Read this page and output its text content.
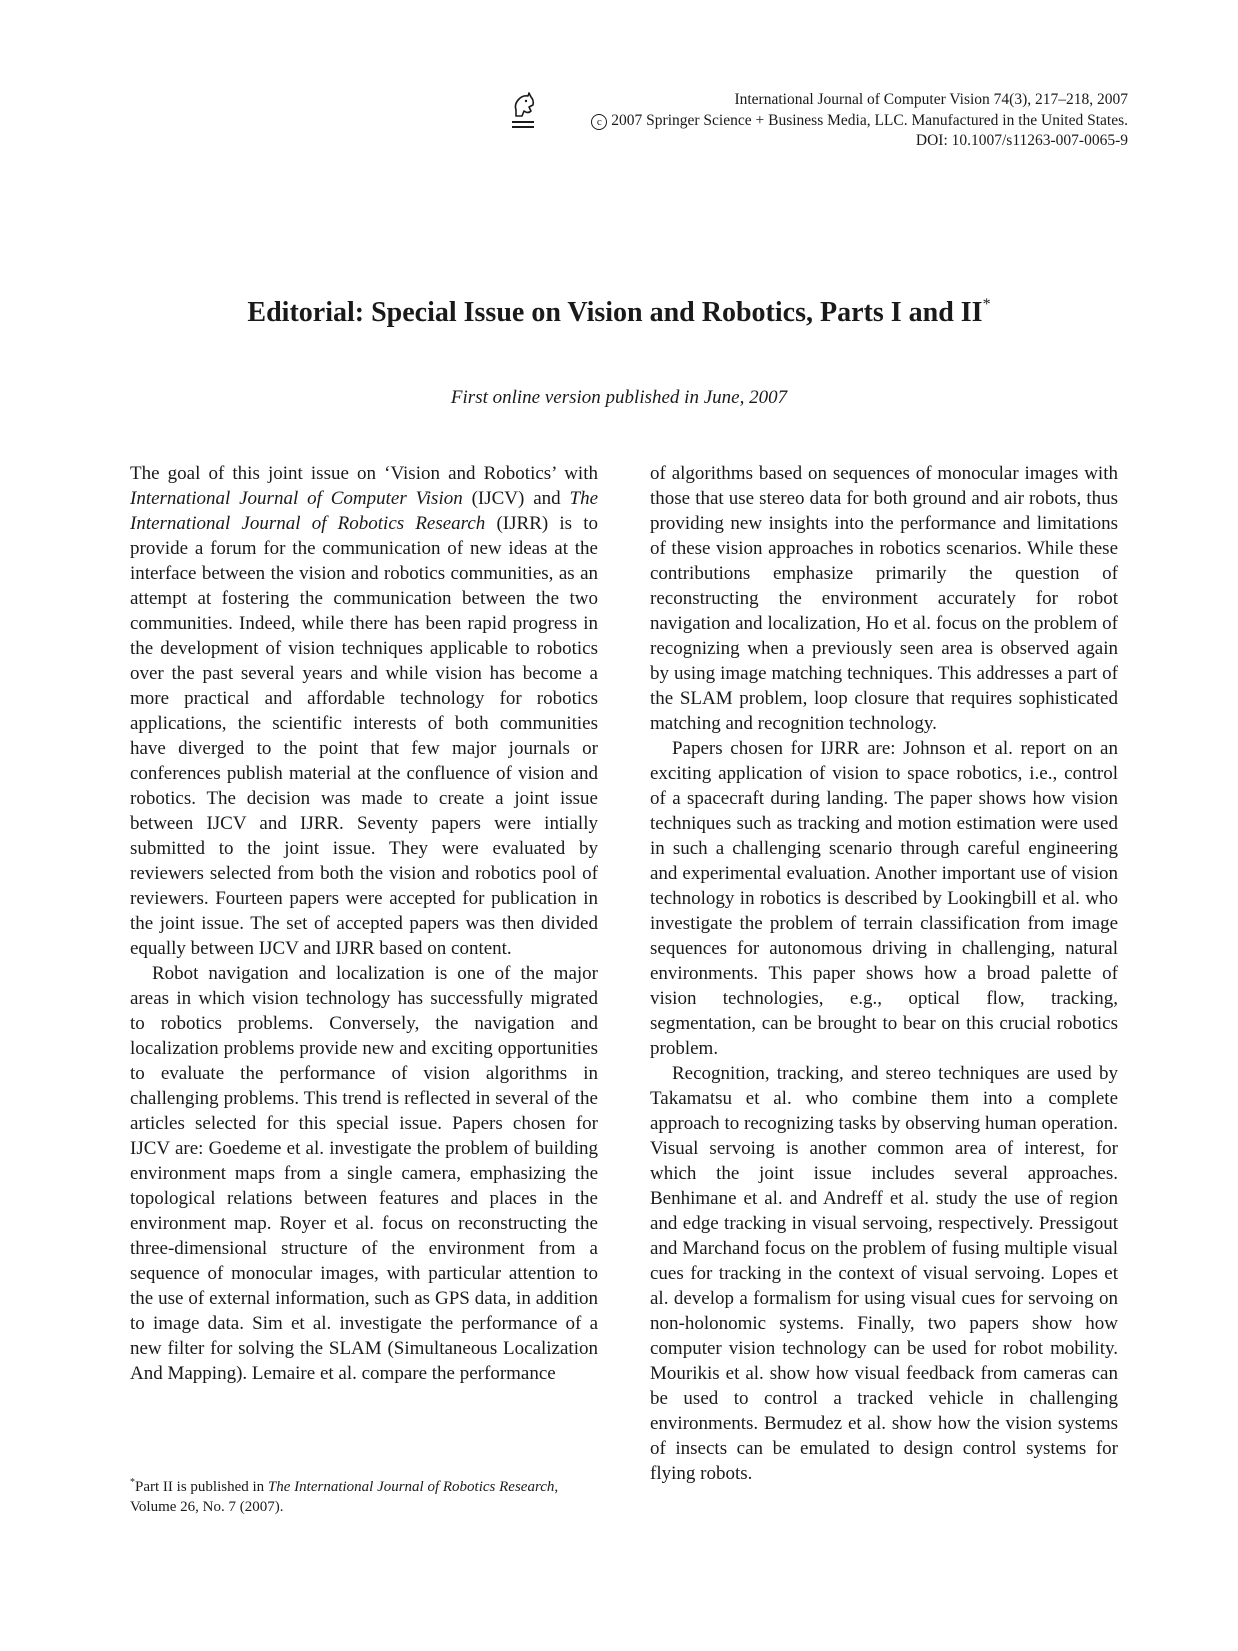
International Journal of Computer Vision 74(3), 217–218, 2007
c 2007 Springer Science + Business Media, LLC. Manufactured in the United States.
DOI: 10.1007/s11263-007-0065-9
Editorial: Special Issue on Vision and Robotics, Parts I and II*
First online version published in June, 2007

The goal of this joint issue on ‘Vision and Robotics’ with International Journal of Computer Vision (IJCV) and The International Journal of Robotics Research (IJRR) is to provide a forum for the communication of new ideas at the interface between the vision and robotics communities, as an attempt at fostering the communication between the two communities. Indeed, while there has been rapid progress in the development of vision techniques applicable to robotics over the past several years and while vision has become a more practical and affordable technology for robotics applications, the scientific interests of both communities have diverged to the point that few major journals or conferences publish material at the confluence of vision and robotics. The decision was made to create a joint issue between IJCV and IJRR. Seventy papers were intially submitted to the joint issue. They were evaluated by reviewers selected from both the vision and robotics pool of reviewers. Fourteen papers were accepted for publication in the joint issue. The set of accepted papers was then divided equally between IJCV and IJRR based on content.

Robot navigation and localization is one of the major areas in which vision technology has successfully migrated to robotics problems. Conversely, the navigation and localization problems provide new and exciting opportunities to evaluate the performance of vision algorithms in challenging problems. This trend is reflected in several of the articles selected for this special issue. Papers chosen for IJCV are: Goedeme et al. investigate the problem of building environment maps from a single camera, emphasizing the topological relations between features and places in the environment map. Royer et al. focus on reconstructing the three-dimensional structure of the environment from a sequence of monocular images, with particular attention to the use of external information, such as GPS data, in addition to image data. Sim et al. investigate the performance of a new filter for solving the SLAM (Simultaneous Localization And Mapping). Lemaire et al. compare the performance

of algorithms based on sequences of monocular images with those that use stereo data for both ground and air robots, thus providing new insights into the performance and limitations of these vision approaches in robotics scenarios. While these contributions emphasize primarily the question of reconstructing the environment accurately for robot navigation and localization, Ho et al. focus on the problem of recognizing when a previously seen area is observed again by using image matching techniques. This addresses a part of the SLAM problem, loop closure that requires sophisticated matching and recognition technology.

Papers chosen for IJRR are: Johnson et al. report on an exciting application of vision to space robotics, i.e., control of a spacecraft during landing. The paper shows how vision techniques such as tracking and motion estimation were used in such a challenging scenario through careful engineering and experimental evaluation. Another important use of vision technology in robotics is described by Lookingbill et al. who investigate the problem of terrain classification from image sequences for autonomous driving in challenging, natural environments. This paper shows how a broad palette of vision technologies, e.g., optical flow, tracking, segmentation, can be brought to bear on this crucial robotics problem.

Recognition, tracking, and stereo techniques are used by Takamatsu et al. who combine them into a complete approach to recognizing tasks by observing human operation. Visual servoing is another common area of interest, for which the joint issue includes several approaches. Benhimane et al. and Andreff et al. study the use of region and edge tracking in visual servoing, respectively. Pressigout and Marchand focus on the problem of fusing multiple visual cues for tracking in the context of visual servoing. Lopes et al. develop a formalism for using visual cues for servoing on non-holonomic systems. Finally, two papers show how computer vision technology can be used for robot mobility. Mourikis et al. show how visual feedback from cameras can be used to control a tracked vehicle in challenging environments. Bermudez et al. show how the vision systems of insects can be emulated to design control systems for flying robots.

*Part II is published in The International Journal of Robotics Research, Volume 26, No. 7 (2007).
